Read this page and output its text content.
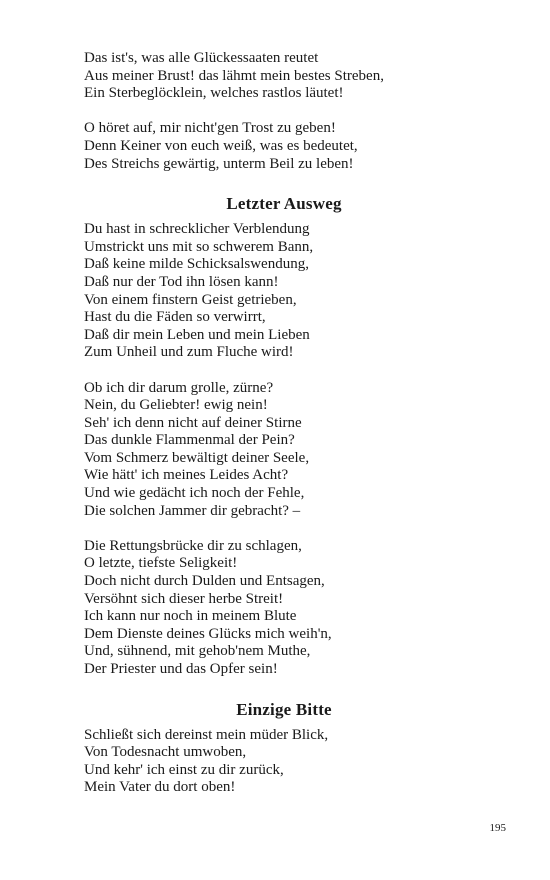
Das ist's, was alle Glückessaaten reutet
Aus meiner Brust! das lähmt mein bestes Streben,
Ein Sterbeglöcklein, welches rastlos läutet!

O höret auf, mir nicht'gen Trost zu geben!
Denn Keiner von euch weiß, was es bedeutet,
Des Streichs gewärtig, unterm Beil zu leben!

Letzter Ausweg

Du hast in schrecklicher Verblendung
Umstrickt uns mit so schwerem Bann,
Daß keine milde Schicksalswendung,
Daß nur der Tod ihn lösen kann!
Von einem finstern Geist getrieben,
Hast du die Fäden so verwirrt,
Daß dir mein Leben und mein Lieben
Zum Unheil und zum Fluche wird!

Ob ich dir darum grolle, zürne?
Nein, du Geliebter! ewig nein!
Seh' ich denn nicht auf deiner Stirne
Das dunkle Flammenmal der Pein?
Vom Schmerz bewältigt deiner Seele,
Wie hätt' ich meines Leides Acht?
Und wie gedächt ich noch der Fehle,
Die solchen Jammer dir gebracht? –

Die Rettungsbrücke dir zu schlagen,
O letzte, tiefste Seligkeit!
Doch nicht durch Dulden und Entsagen,
Versöhnt sich dieser herbe Streit!
Ich kann nur noch in meinem Blute
Dem Dienste deines Glücks mich weih'n,
Und, sühnend, mit gehob'nem Muthe,
Der Priester und das Opfer sein!

Einzige Bitte

Schließt sich dereinst mein müder Blick,
Von Todesnacht umwoben,
Und kehr' ich einst zu dir zurück,
Mein Vater du dort oben!

195
